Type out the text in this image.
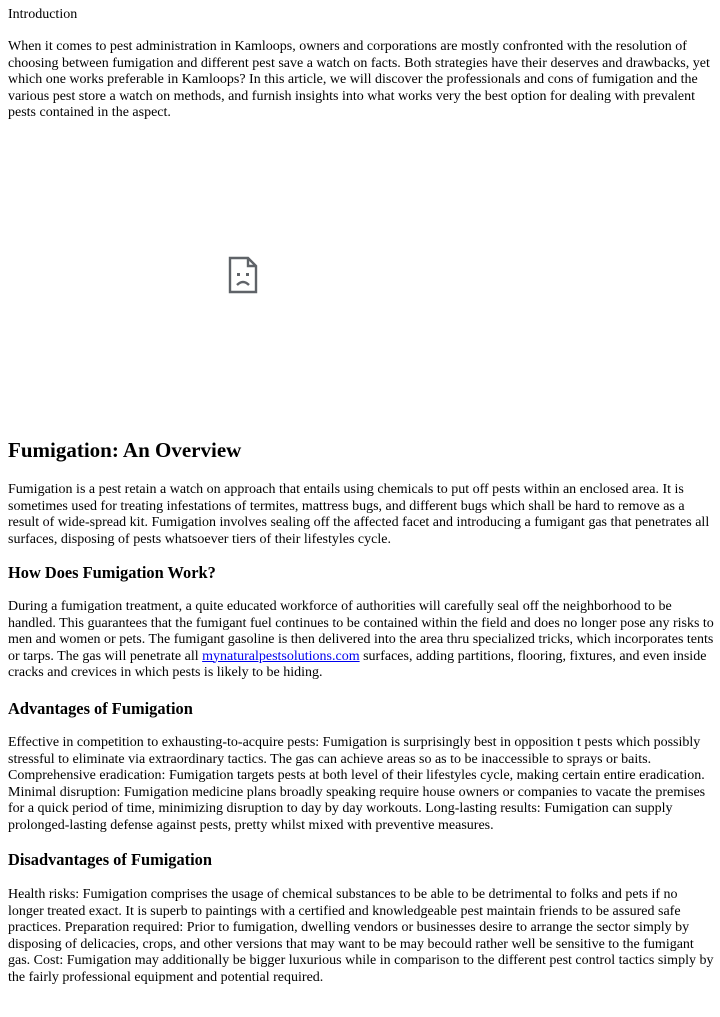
Introduction

When it comes to pest administration in Kamloops, owners and corporations are mostly confronted with the resolution of choosing between fumigation and different pest save a watch on facts. Both strategies have their deserves and drawbacks, yet which one works preferable in Kamloops? In this article, we will discover the professionals and cons of fumigation and the various pest store a watch on methods, and furnish insights into what works very the best option for dealing with prevalent pests contained in the aspect.

Fumigation: An Overview

Fumigation is a pest retain a watch on approach that entails using chemicals to put off pests within an enclosed area. It is sometimes used for treating infestations of termites, mattress bugs, and different bugs which shall be hard to remove as a result of wide-spread kit. Fumigation involves sealing off the affected facet and introducing a fumigant gas that penetrates all surfaces, disposing of pests whatsoever tiers of their lifestyles cycle.

How Does Fumigation Work?

During a fumigation treatment, a quite educated workforce of authorities will carefully seal off the neighborhood to be handled. This guarantees that the fumigant fuel continues to be contained within the field and does no longer pose any risks to men and women or pets. The fumigant gasoline is then delivered into the area thru specialized tricks, which incorporates tents or tarps. The gas will penetrate all mynaturalpestsolutions.com surfaces, adding partitions, flooring, fixtures, and even inside cracks and crevices in which pests is likely to be hiding.

Advantages of Fumigation

Effective in competition to exhausting-to-acquire pests: Fumigation is surprisingly best in opposition t pests which possibly stressful to eliminate via extraordinary tactics. The gas can achieve areas so as to be inaccessible to sprays or baits. Comprehensive eradication: Fumigation targets pests at both level of their lifestyles cycle, making certain entire eradication. Minimal disruption: Fumigation medicine plans broadly speaking require house owners or companies to vacate the premises for a quick period of time, minimizing disruption to day by day workouts. Long-lasting results: Fumigation can supply prolonged-lasting defense against pests, pretty whilst mixed with preventive measures.

Disadvantages of Fumigation

Health risks: Fumigation comprises the usage of chemical substances to be able to be detrimental to folks and pets if no longer treated exact. It is superb to paintings with a certified and knowledgeable pest maintain friends to be assured safe practices. Preparation required: Prior to fumigation, dwelling vendors or businesses desire to arrange the sector simply by disposing of delicacies, crops, and other versions that may want to be may becould rather well be sensitive to the fumigant gas. Cost: Fumigation may additionally be bigger luxurious while in comparison to the different pest control tactics simply by the fairly professional equipment and potential required.
